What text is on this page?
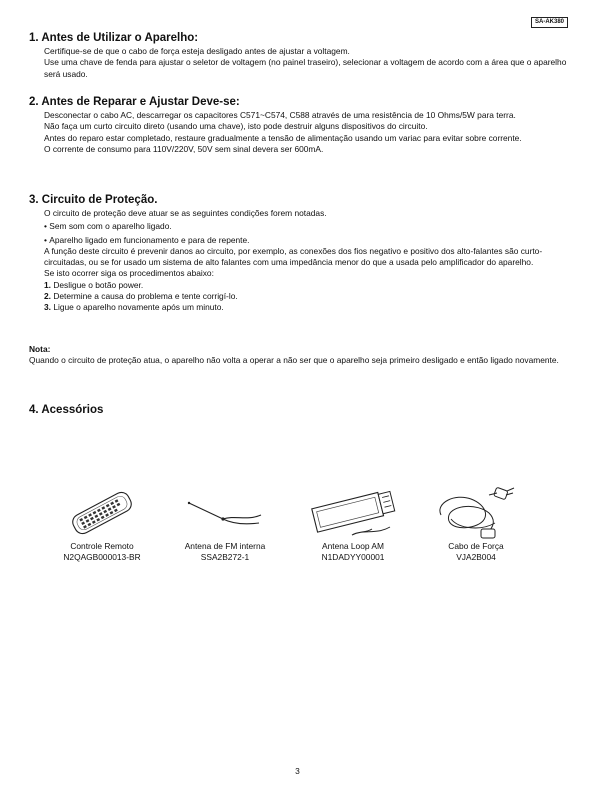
SA-AK380
1. Antes de Utilizar o Aparelho:

Certifique-se de que o cabo de força esteja desligado antes de ajustar a voltagem.

Use uma chave de fenda para ajustar o seletor de voltagem (no painel traseiro), selecionar a voltagem de acordo com a área que o aparelho será usado.

2. Antes de Reparar e Ajustar Deve-se:

Desconectar o cabo AC, descarregar os capacitores C571~C574, C588 através de uma resistência de 10 Ohms/5W para terra.

Não faça um curto circuito direto (usando uma chave), isto pode destruir alguns dispositivos do circuito.

Antes do reparo estar completado, restaure gradualmente a tensão de alimentação usando um variac para evitar sobre corrente.

O corrente de consumo para 110V/220V, 50V sem sinal devera ser 600mA.

3. Circuito de Proteção.

O circuito de proteção deve atuar se as seguintes condições forem notadas.

• Sem som com o aparelho ligado.

• Aparelho ligado em funcionamento e para de repente.

A função deste circuito é prevenir danos ao circuito, por exemplo, as conexões dos fios negativo e positivo dos alto-falantes são curto-circuitadas, ou se for usado um sistema de alto falantes com uma impedância menor do que a usada pelo amplificador do aparelho.

Se isto ocorrer siga os procedimentos abaixo:

1. Desligue o botão power.

2. Determine a causa do problema e tente corrigí-lo.

3. Ligue o aparelho novamente após um minuto.

Nota:

Quando o circuito de proteção atua, o aparelho não volta a operar a não ser que o aparelho seja primeiro desligado e então ligado novamente.

4. Acessórios
Controle Remoto
N2QAGB000013-BR
Antena de FM interna
SSA2B272-1
Antena Loop AM
N1DADYY00001
Cabo de Força
VJA2B004
3
